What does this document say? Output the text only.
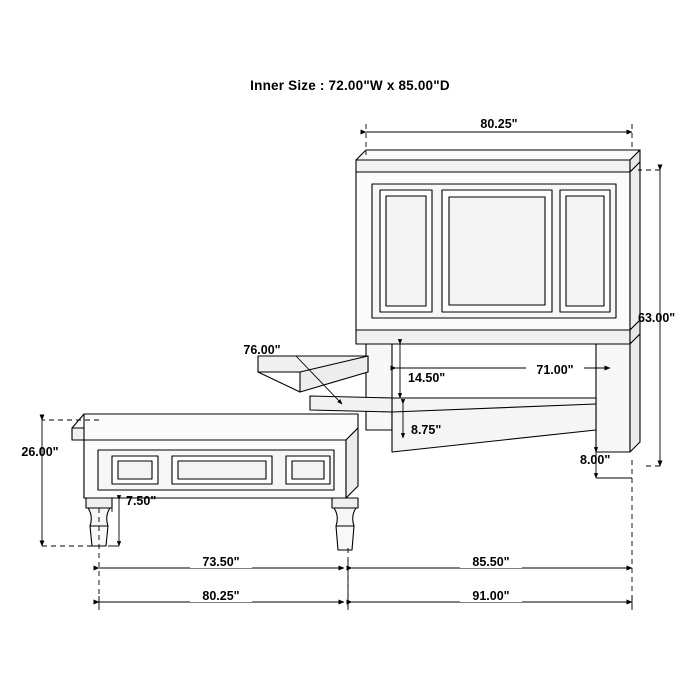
Inner Size : 72.00"W x 85.00"D
80.25"
63.00"
71.00"
76.00"
14.50"
8.75"
8.00"
26.00"
7.50"
73.50"	85.50"
80.25"	91.00"
